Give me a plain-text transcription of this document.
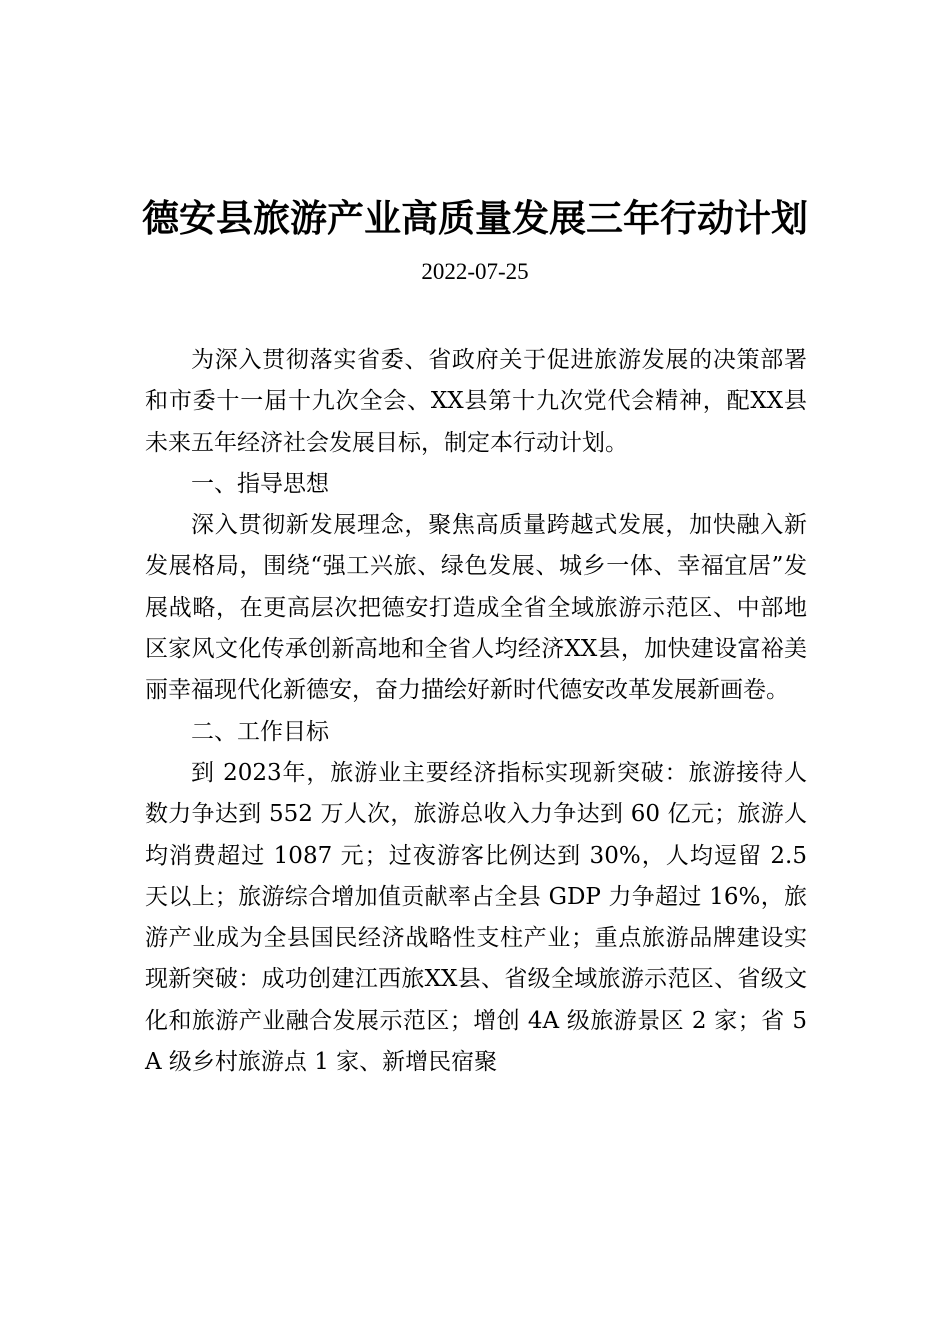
德安县旅游产业高质量发展三年行动计划
2022-07-25

为深入贯彻落实省委、省政府关于促进旅游发展的决策部署和市委十一届十九次全会、XX县第十九次党代会精神，配XX县未来五年经济社会发展目标，制定本行动计划。

一、指导思想

深入贯彻新发展理念，聚焦高质量跨越式发展，加快融入新发展格局，围绕“强工兴旅、绿色发展、城乡一体、幸福宜居”发展战略，在更高层次把德安打造成全省全域旅游示范区、中部地区家风文化传承创新高地和全省人均经济XX县，加快建设富裕美丽幸福现代化新德安，奋力描绘好新时代德安改革发展新画卷。

二、工作目标

到 2023年，旅游业主要经济指标实现新突破：旅游接待人数力争达到 552 万人次，旅游总收入力争达到 60 亿元；旅游人均消费超过 1087 元；过夜游客比例达到 30%，人均逗留 2.5 天以上；旅游综合增加值贡献率占全县 GDP 力争超过 16%，旅游产业成为全县国民经济战略性支柱产业；重点旅游品牌建设实现新突破：成功创建江西旅XX县、省级全域旅游示范区、省级文化和旅游产业融合发展示范区；增创 4A 级旅游景区 2 家；省 5A 级乡村旅游点 1 家、新增民宿聚
